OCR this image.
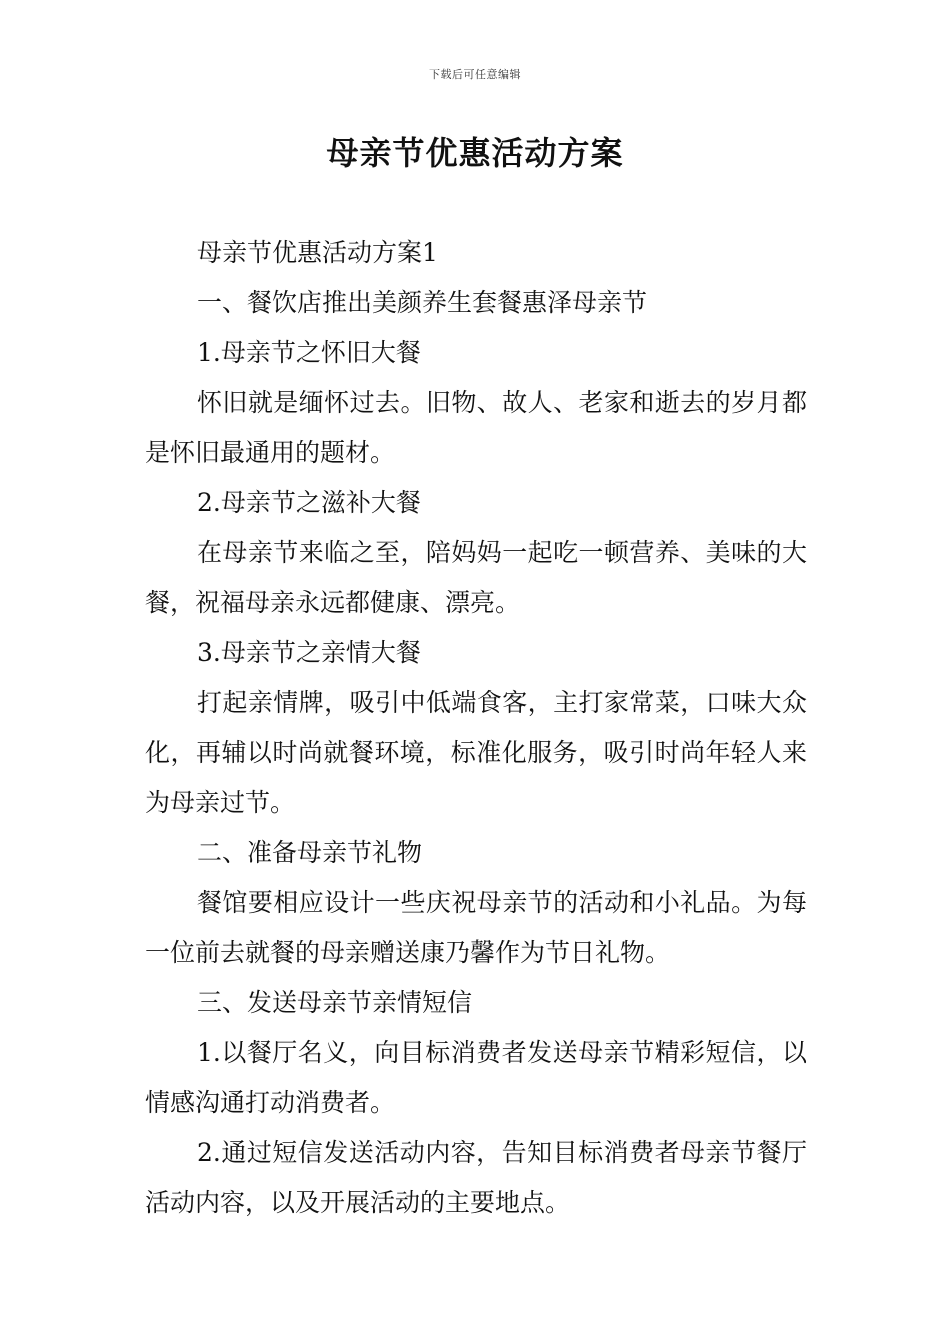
下载后可任意编辑
母亲节优惠活动方案

母亲节优惠活动方案1

一、餐饮店推出美颜养生套餐惠泽母亲节

1.母亲节之怀旧大餐

怀旧就是缅怀过去。旧物、故人、老家和逝去的岁月都是怀旧最通用的题材。

2.母亲节之滋补大餐

在母亲节来临之至，陪妈妈一起吃一顿营养、美味的大餐，祝福母亲永远都健康、漂亮。

3.母亲节之亲情大餐

打起亲情牌，吸引中低端食客，主打家常菜，口味大众化，再辅以时尚就餐环境，标准化服务，吸引时尚年轻人来为母亲过节。

二、准备母亲节礼物

餐馆要相应设计一些庆祝母亲节的活动和小礼品。为每一位前去就餐的母亲赠送康乃馨作为节日礼物。

三、发送母亲节亲情短信

1.以餐厅名义，向目标消费者发送母亲节精彩短信，以情感沟通打动消费者。

2.通过短信发送活动内容，告知目标消费者母亲节餐厅活动内容，以及开展活动的主要地点。
